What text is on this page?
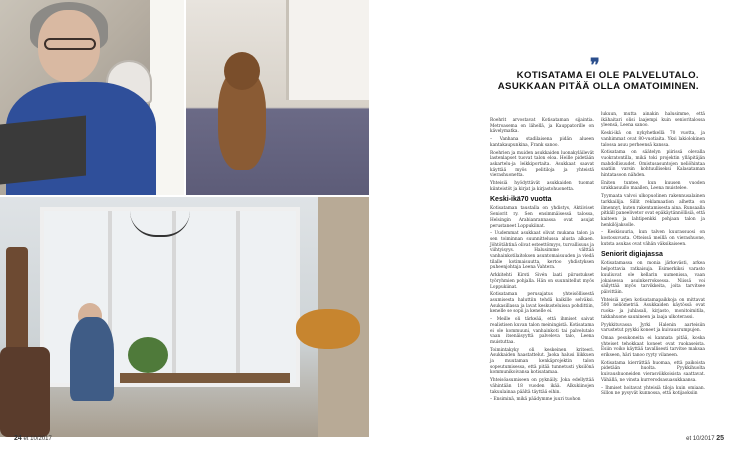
24 et 10/2017

❞
KOTISATAMA EI OLE PALVELUTALO. ASUKKAAN PITÄÄ OLLA OMATOIMINEN.

Roehrit arvostavat Kotisataman sijaintia. Metroasema on lähellä, ja Kauppatorille on kävelymatka.

– Vanhana stadilaisena pidän alueen kantakaupunkina, Frank sanoo.

Roehrien ja muiden asukkaiden luonakyläilevät lastenlapset tuovat talon eloa. Heille pidetään askartelu-ja leikkiportaita. Asukkaat saavat käyttää myös pelitiloja ja yhteistä vierashuonetta.

Yhteisiä hyödyttävät asukkaiden tuomat kiinteistöt ja kirjat ja kirjastohuonetta.

Keski-ikä70 vuotta

Kotisataman taustalla on yhdistys, Aktiiviset Seniorit ry. Sen ensimmäisessä talossa, Helsingin Arabianrannassa ovat asujat perustaneet Loppukiinat.

– Uudemmat asukkaat olivat mukana talon ja sen toiminnan suunnittelussa alusta alkaen. Jöhtötähtinä olivat esteettömyys, turvallisuus ja viihtyisyys. Halusimme välttää vanhainkotilaitoksen asuntomaisuuden ja viedä tilalle kotimaisuutta, kertoo yhdistyksen puheenjohtaja Leena Vahtera.

Arkkitehti Kirsti Sivén laati piirustukset työryhmien pohjalla. Hän on suunnitellut myös Loppukiinat.

Kotisataman perusajatus yhteisöllisestä asumisesta haluttiin tehdä kaikille selväksi. Asukasillassa ja lavat keskusteluissa pohdittiin, kenelle se sopii ja kenelle ei.

– Meille oli tärkeää, että ihmiset saivat realistisen kuvan talon meiningistä. Kotisatama ei ole kommuuni, vanhainkoti tai palvelutalo vaan itsenäisyyttä palveleva talo, Leena muistuttaa.

Toimintakyky oli keskeinen kriteeri. Asukkaiden haastattelut. Jaoka halusi liikkuen ja muutaman kenkäprojektin talon sopeutumisessa, että pitää tunnetusti yksilönä kommunikoivansa kotisatamaa.

Yhteisöasumiseen on pyknäily. Joka edellyttää vähintään 18 vuoden ikää. Alkukiinojen takuulainaa päältä täyttää eihin.

– Ensiminä, mikä päädymme juuri tuohon

lukuun, mutta ainakin halusimme, että ikähaitari olisi laajempi kuin senioritalossa yleensä, Leena sanoo.

Keski-ikä on nykyhetkellä 70 vuotta, ja vanhimmat ovat 80-vuotiaita. Yksi lakiolokinen talossa asuu perheensä kanssa.

Kotisatama on säätelyn piirissä olevalla vuokratontilla, mikä toki projektin ylläpitäjän mahdollisuudet. Omistusasuntojen neliöhintaa saatiin varsin kohtuulliseksi Kalasataman hintatasoon nähden.

Eniten tuntee, kun kuusen vuoden urakkasuullo maallen, Leena muistelee.

Tyymaata valvoi ulkopuolinen rakennusalainen tarkkailija. Sillit reklamaation alhetta on ilmennyt, kuten rakentamisesta aina. Runsaalla pitkäll paneelivetor ovat epäkäytännöllisiä, että kaiteen ja lahtipenkki pohjaan talon ja henkilöjaksolle.

– Keskisuuria, kun talven kuurassuosi on kostosuvusta. Otteissä meillä on vierashuone, kutsta asukas ovat vähän väksikaiseen.

Seniorit digiajassa

Kotisatamassa on monia järkevästi, arkea helpottavia ratkaisuja. Esimerkiksi varasto kuuliuvat ole kellarin uumenissa, vaan jokaisessa asuinkerroksessa. Niissä voi säilyttää myös tarvikkeita, joita tarvitsee päivittäin.

Yhteisiä arjen kotisatamapaikkoja on mittavat 500 neliömetriä. Asukkaiden käytössä ovat ruoka- ja juhlasali, kirjasto, monitoimitila, takkahuone saunineen ja laaja ulkoterassi.

Pyykkituvassa Jyrki Halenin aarteisiin varustetut pyykki koneet ja kuivausrumpujen.

Omaa pesukoneita ei kannata pitää, koska yhteiset tehokkaat koneet ovat ruokaseista. Esiin voiko käyttää tavallisesti tarvitse maksaa erikseen, häri tanoo ryyty vilaneen.

Kotisatama kierrättää huomaa, että paikoista pidetään huolta. Pyykkihuolta kuivaushuoneiden vierasviikkoisista saattavat. Vähällä, ne vinsta kurrerodsasuasukkaansa.

– Ihmiset hoitavat yhteisiä tiloja kuin omiaan. Sillon ne pysyvät kunnossa, että kotijaoksiin

et 10/2017 25
